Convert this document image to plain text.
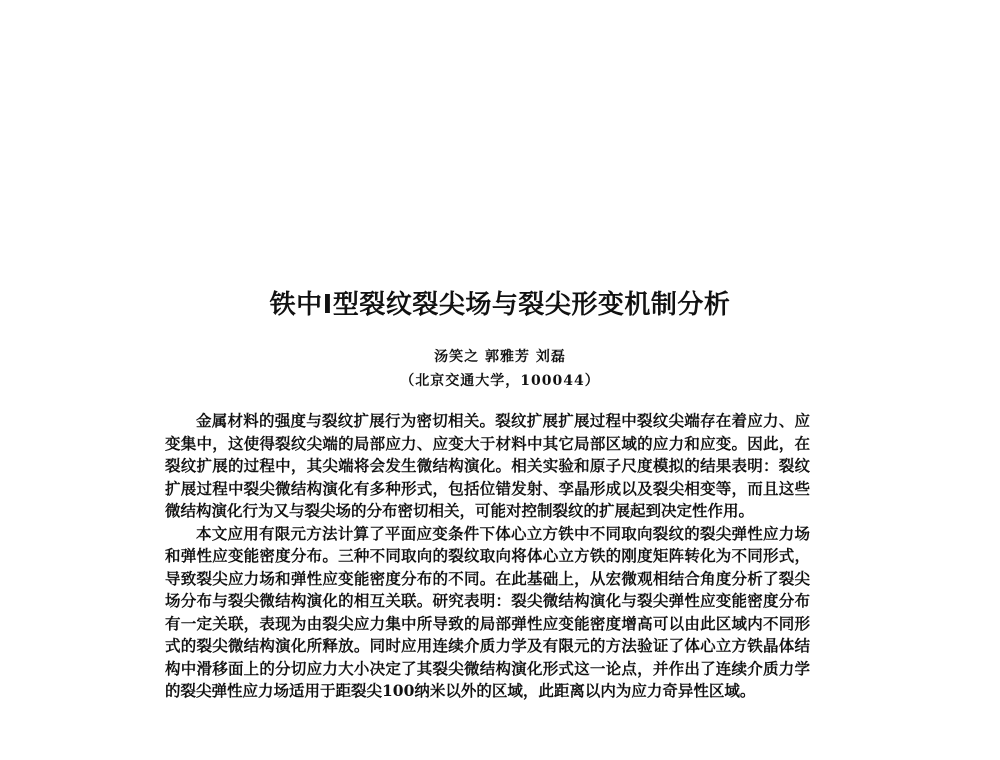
铁中Ⅰ型裂纹裂尖场与裂尖形变机制分析
汤笑之 郭雅芳 刘磊
（北京交通大学，100044）

金属材料的强度与裂纹扩展行为密切相关。裂纹扩展扩展过程中裂纹尖端存在着应力、应变集中，这使得裂纹尖端的局部应力、应变大于材料中其它局部区域的应力和应变。因此，在裂纹扩展的过程中，其尖端将会发生微结构演化。相关实验和原子尺度模拟的结果表明：裂纹扩展过程中裂尖微结构演化有多种形式，包括位错发射、孪晶形成以及裂尖相变等，而且这些微结构演化行为又与裂尖场的分布密切相关，可能对控制裂纹的扩展起到决定性作用。

本文应用有限元方法计算了平面应变条件下体心立方铁中不同取向裂纹的裂尖弹性应力场和弹性应变能密度分布。三种不同取向的裂纹取向将体心立方铁的刚度矩阵转化为不同形式，导致裂尖应力场和弹性应变能密度分布的不同。在此基础上，从宏微观相结合角度分析了裂尖场分布与裂尖微结构演化的相互关联。研究表明：裂尖微结构演化与裂尖弹性应变能密度分布有一定关联，表现为由裂尖应力集中所导致的局部弹性应变能密度增高可以由此区域内不同形式的裂尖微结构演化所释放。同时应用连续介质力学及有限元的方法验证了体心立方铁晶体结构中滑移面上的分切应力大小决定了其裂尖微结构演化形式这一论点，并作出了连续介质力学的裂尖弹性应力场适用于距裂尖100纳米以外的区域，此距离以内为应力奇异性区域。
